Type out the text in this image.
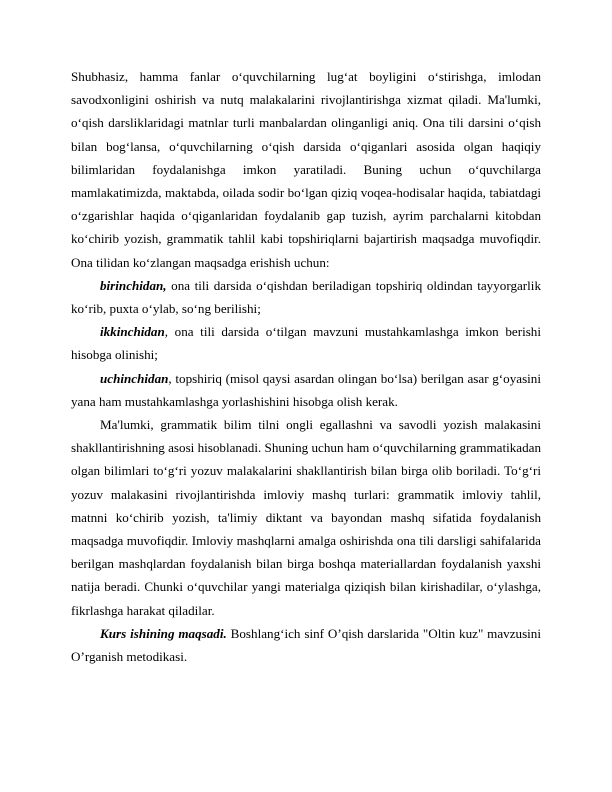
Shubhasiz, hamma fanlar o‘quvchilarning lug‘at boyligini o‘stirishga, imlodan savodxonligini oshirish va nutq malakalarini rivojlantirishga xizmat qiladi. Ma'lumki, o‘qish darsliklaridagi matnlar turli manbalardan olinganligi aniq. Ona tili darsini o‘qish bilan bog‘lansa, o‘quvchilarning o‘qish darsida o‘qiganlari asosida olgan haqiqiy bilimlaridan foydalanishga imkon yaratiladi. Buning uchun o‘quvchilarga mamlakatimizda, maktabda, oilada sodir bo‘lgan qiziq voqea-hodisalar haqida, tabiatdagi o‘zgarishlar haqida o‘qiganlaridan foydalanib gap tuzish, ayrim parchalarni kitobdan ko‘chirib yozish, grammatik tahlil kabi topshiriqlarni bajartirish maqsadga muvofiqdir. Ona tilidan ko‘zlangan maqsadga erishish uchun:

birinchidan, ona tili darsida o‘qishdan beriladigan topshiriq oldindan tayyorgarlik ko‘rib, puxta o‘ylab, so‘ng berilishi;

ikkinchidan, ona tili darsida o‘tilgan mavzuni mustahkamlashga imkon berishi hisobga olinishi;

uchinchidan, topshiriq (misol qaysi asardan olingan bo‘lsa) berilgan asar g‘oyasini yana ham mustahkamlashga yorlashishini hisobga olish kerak.

Ma'lumki, grammatik bilim tilni ongli egallashni va savodli yozish malakasini shakllantirishning asosi hisoblanadi. Shuning uchun ham o‘quvchilarning grammatikadan olgan bilimlari to‘g‘ri yozuv malakalarini shakllantirish bilan birga olib boriladi. To‘g‘ri yozuv malakasini rivojlantirishda imloviy mashq turlari: grammatik imloviy tahlil, matnni ko‘chirib yozish, ta'limiy diktant va bayondan mashq sifatida foydalanish maqsadga muvofiqdir. Imloviy mashqlarni amalga oshirishda ona tili darsligi sahifalarida berilgan mashqlardan foydalanish bilan birga boshqa materiallardan foydalanish yaxshi natija beradi. Chunki o‘quvchilar yangi materialga qiziqish bilan kirishadilar, o‘ylashga, fikrlashga harakat qiladilar.

Kurs ishining maqsadi. Boshlang‘ich sinf O’qish darslarida "Oltin kuz" mavzusini O’rganish metodikasi.
